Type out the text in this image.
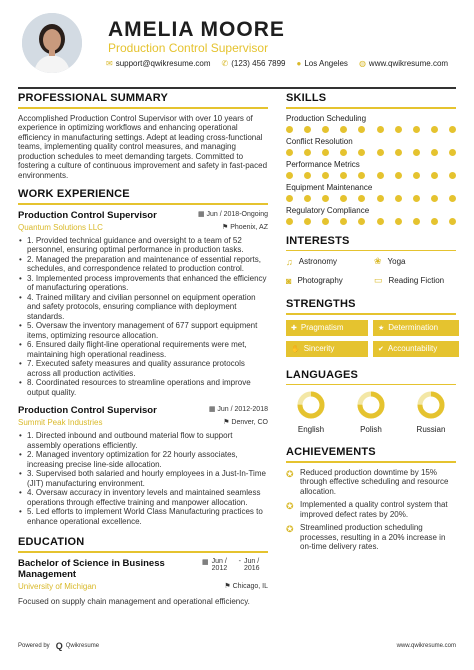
AMELIA MOORE
Production Control Supervisor
✉ support@qwikresume.com ✆ (123) 456 7899 ● Los Angeles ◍ www.qwikresume.com
PROFESSIONAL SUMMARY
Accomplished Production Control Supervisor with over 10 years of experience in optimizing workflows and enhancing operational efficiency in manufacturing settings. Adept at leading cross-functional teams, implementing quality control measures, and managing production schedules to meet demanding targets. Committed to fostering a culture of continuous improvement and safety in fast-paced environments.
WORK EXPERIENCE
Production Control Supervisor	▦ Jun / 2018-Ongoing
Quantum Solutions LLC	⚑ Phoenix, AZ
• 1. Provided technical guidance and oversight to a team of 52 personnel, ensuring optimal performance in production tasks.
• 2. Managed the preparation and maintenance of essential reports, schedules, and correspondence related to production control.
• 3. Implemented process improvements that enhanced the efficiency of manufacturing operations.
• 4. Trained military and civilian personnel on equipment operation and safety protocols, ensuring compliance with deployment standards.
• 5. Oversaw the inventory management of 677 support equipment items, optimizing resource allocation.
• 6. Ensured daily flight-line operational requirements were met, maintaining high operational readiness.
• 7. Executed safety measures and quality assurance protocols across all production activities.
• 8. Coordinated resources to streamline operations and improve output quality.
Production Control Supervisor	▦ Jun / 2012-2018
Summit Peak Industries	⚑ Denver, CO
• 1. Directed inbound and outbound material flow to support assembly operations efficiently.
• 2. Managed inventory optimization for 22 hourly associates, increasing precise line-side allocation.
• 3. Supervised both salaried and hourly employees in a Just-In-Time (JIT) manufacturing environment.
• 4. Oversaw accuracy in inventory levels and maintained seamless operations through effective training and manpower allocation.
• 5. Led efforts to implement World Class Manufacturing practices to enhance operational excellence.
EDUCATION
Bachelor of Science in Business Management
▦ Jun / 2012
- Jun / 2016
University of Michigan	⚑ Chicago, IL
Focused on supply chain management and operational efficiency.
SKILLS
Production Scheduling
Conflict Resolution
Performance Metrics
Equipment Maintenance
Regulatory Compliance
INTERESTS
♫ Astronomy	❀ Yoga
◙ Photography	▭ Reading Fiction
STRENGTHS
✚ Pragmatism	★ Determination
✋ Sincerity	✔ Accountability
LANGUAGES
English	Polish	Russian
ACHIEVEMENTS
✪ Reduced production downtime by 15% through effective scheduling and resource allocation.
✪ Implemented a quality control system that improved defect rates by 20%.
✪ Streamlined production scheduling processes, resulting in a 20% increase in on-time delivery rates.
Powered by Q Qwikresume	www.qwikresume.com
